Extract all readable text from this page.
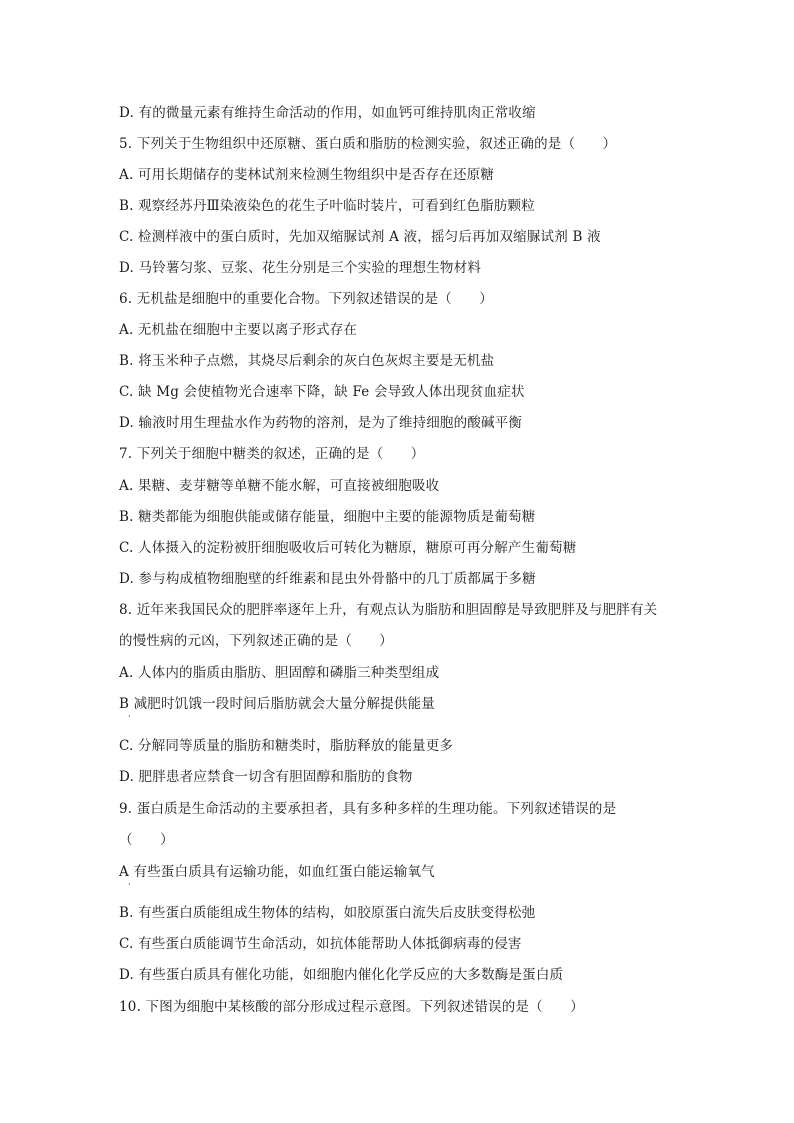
D. 有的微量元素有维持生命活动的作用，如血钙可维持肌肉正常收缩
5. 下列关于生物组织中还原糖、蛋白质和脂肪的检测实验，叙述正确的是（　　）
A. 可用长期储存的斐林试剂来检测生物组织中是否存在还原糖
B. 观察经苏丹Ⅲ染液染色的花生子叶临时装片，可看到红色脂肪颗粒
C. 检测样液中的蛋白质时，先加双缩脲试剂 A 液，摇匀后再加双缩脲试剂 B 液
D. 马铃薯匀浆、豆浆、花生分别是三个实验的理想生物材料
6. 无机盐是细胞中的重要化合物。下列叙述错误的是（　　）
A. 无机盐在细胞中主要以离子形式存在
B. 将玉米种子点燃，其烧尽后剩余的灰白色灰烬主要是无机盐
C. 缺 Mg 会使植物光合速率下降，缺 Fe 会导致人体出现贫血症状
D. 输液时用生理盐水作为药物的溶剂，是为了维持细胞的酸碱平衡
7. 下列关于细胞中糖类的叙述，正确的是（　　）
A. 果糖、麦芽糖等单糖不能水解，可直接被细胞吸收
B. 糖类都能为细胞供能或储存能量，细胞中主要的能源物质是葡萄糖
C. 人体摄入的淀粉被肝细胞吸收后可转化为糖原，糖原可再分解产生葡萄糖
D. 参与构成植物细胞壁的纤维素和昆虫外骨骼中的几丁质都属于多糖
8. 近年来我国民众的肥胖率逐年上升，有观点认为脂肪和胆固醇是导致肥胖及与肥胖有关
的慢性病的元凶，下列叙述正确的是（　　）
A. 人体内的脂质由脂肪、胆固醇和磷脂三种类型组成
B 减肥时饥饿一段时间后脂肪就会大量分解提供能量
·
C. 分解同等质量的脂肪和糖类时，脂肪释放的能量更多
D. 肥胖患者应禁食一切含有胆固醇和脂肪的食物
9. 蛋白质是生命活动的主要承担者，具有多种多样的生理功能。下列叙述错误的是
（　　）
A 有些蛋白质具有运输功能，如血红蛋白能运输氧气
·
B. 有些蛋白质能组成生物体的结构，如胶原蛋白流失后皮肤变得松弛
C. 有些蛋白质能调节生命活动，如抗体能帮助人体抵御病毒的侵害
D. 有些蛋白质具有催化功能，如细胞内催化化学反应的大多数酶是蛋白质
10. 下图为细胞中某核酸的部分形成过程示意图。下列叙述错误的是（　　）
